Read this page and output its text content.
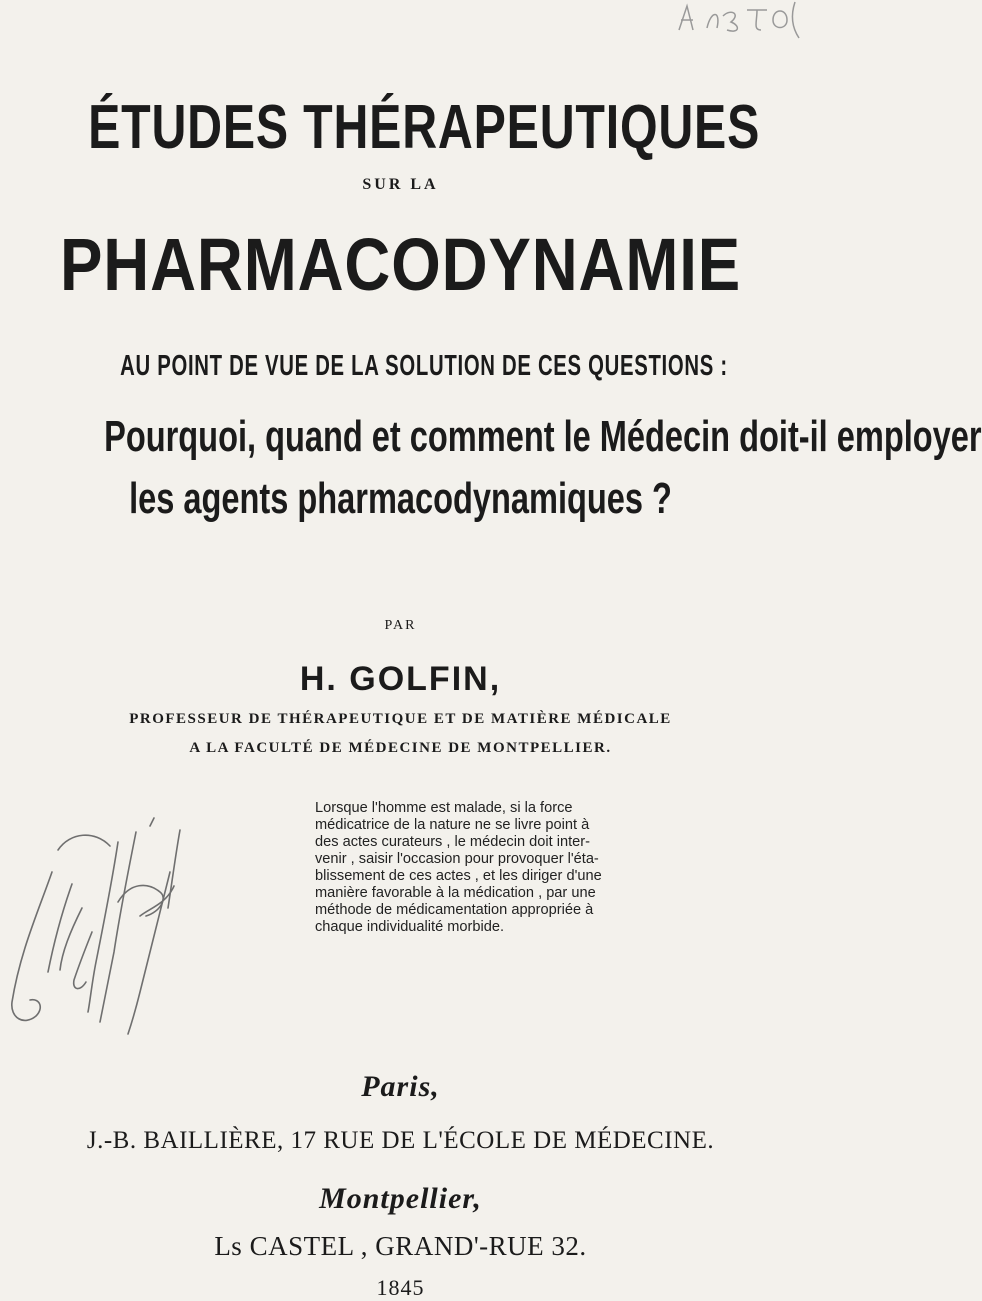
ÉTUDES THÉRAPEUTIQUES
SUR LA
PHARMACODYNAMIE
AU POINT DE VUE DE LA SOLUTION DE CES QUESTIONS :
Pourquoi, quand et comment le Médecin doit-il employer
les agents pharmacodynamiques ?
PAR
H. GOLFIN,
PROFESSEUR DE THÉRAPEUTIQUE ET DE MATIÈRE MÉDICALE
A LA FACULTÉ DE MÉDECINE DE MONTPELLIER.
Lorsque l'homme est malade, si la force
médicatrice de la nature ne se livre point à
des actes curateurs , le médecin doit inter-
venir , saisir l'occasion pour provoquer l'éta-
blissement de ces actes , et les diriger d'une
manière favorable à la médication , par une
méthode de médicamentation appropriée à
chaque individualité morbide.
Paris,
J.-B. BAILLIÈRE, 17 RUE DE L'ÉCOLE DE MÉDECINE.
Montpellier,
Ls CASTEL , GRAND'-RUE 32.
1845
